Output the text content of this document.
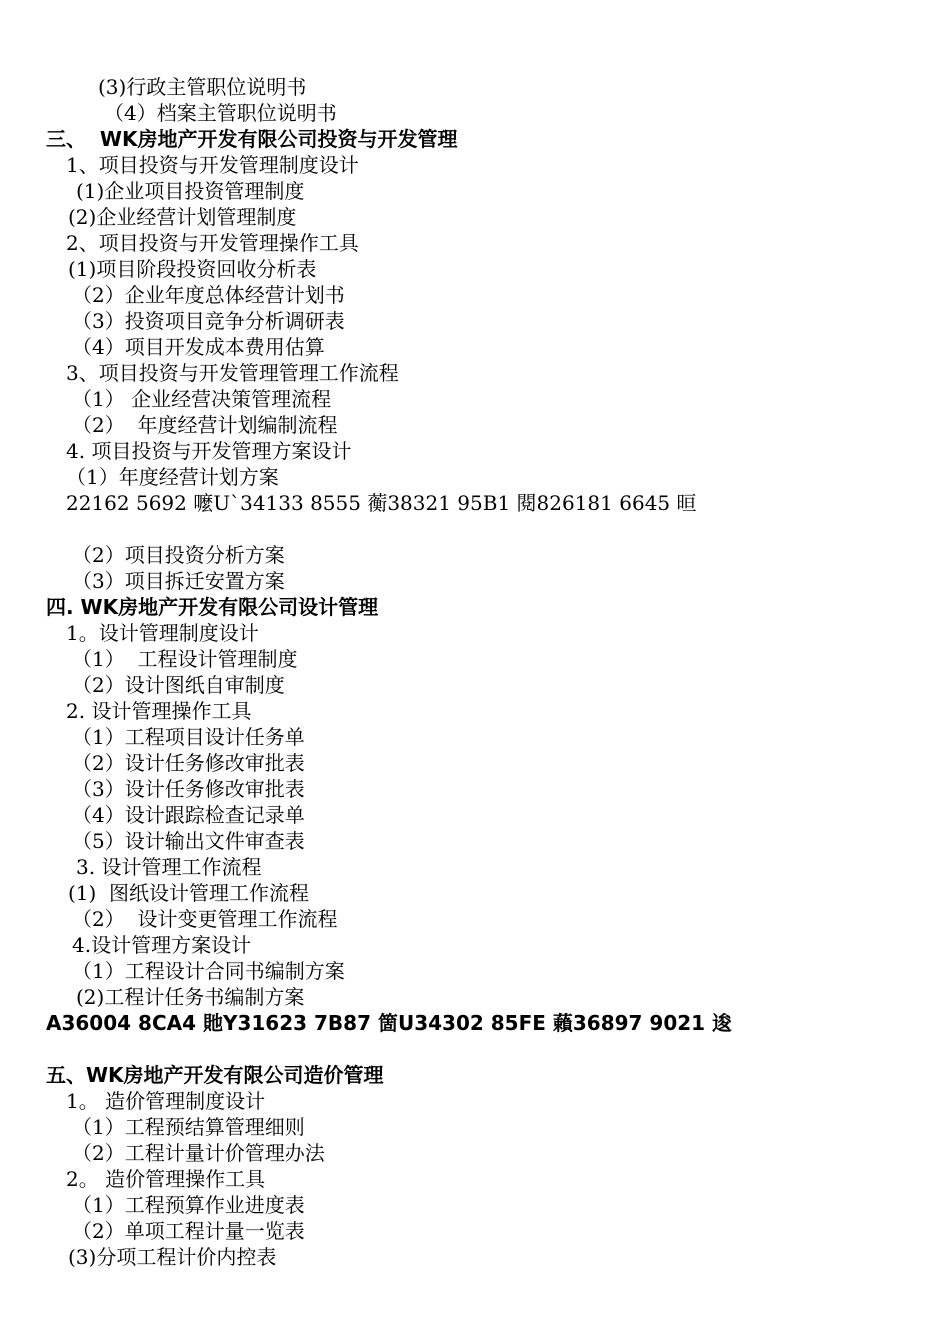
(3)行政主管职位说明书
（4）档案主管职位说明书
三、  WK房地产开发有限公司投资与开发管理
1、项目投资与开发管理制度设计
(1)企业项目投资管理制度
(2)企业经营计划管理制度
2、项目投资与开发管理操作工具
(1)项目阶段投资回收分析表
（2）企业年度总体经营计划书
（3）投资项目竞争分析调研表
（4）项目开发成本费用估算
3、项目投资与开发管理管理工作流程
（1） 企业经营决策管理流程
（2）  年度经营计划编制流程
4. 项目投资与开发管理方案设计
（1）年度经营计划方案
22162 5692 嚒U`34133 8555 蘅38321 95B1 閱826181 6645 晅
（2）项目投资分析方案
（3）项目拆迁安置方案
四. WK房地产开发有限公司设计管理
1。设计管理制度设计
（1）  工程设计管理制度
（2）设计图纸自审制度
2. 设计管理操作工具
（1）工程项目设计任务单
（2）设计任务修改审批表
（3）设计任务修改审批表
（4）设计跟踪检查记录单
（5）设计输出文件审查表
3. 设计管理工作流程
(1)  图纸设计管理工作流程
（2）  设计变更管理工作流程
4.设计管理方案设计
（1）工程设计合同书编制方案
(2)工程计任务书编制方案
A36004 8CA4 貤Y31623 7B87 箇U34302 85FE 藾36897 9021 逡
五、WK房地产开发有限公司造价管理
1。 造价管理制度设计
（1）工程预结算管理细则
（2）工程计量计价管理办法
2。 造价管理操作工具
（1）工程预算作业进度表
（2）单项工程计量一览表
(3)分项工程计价内控表
